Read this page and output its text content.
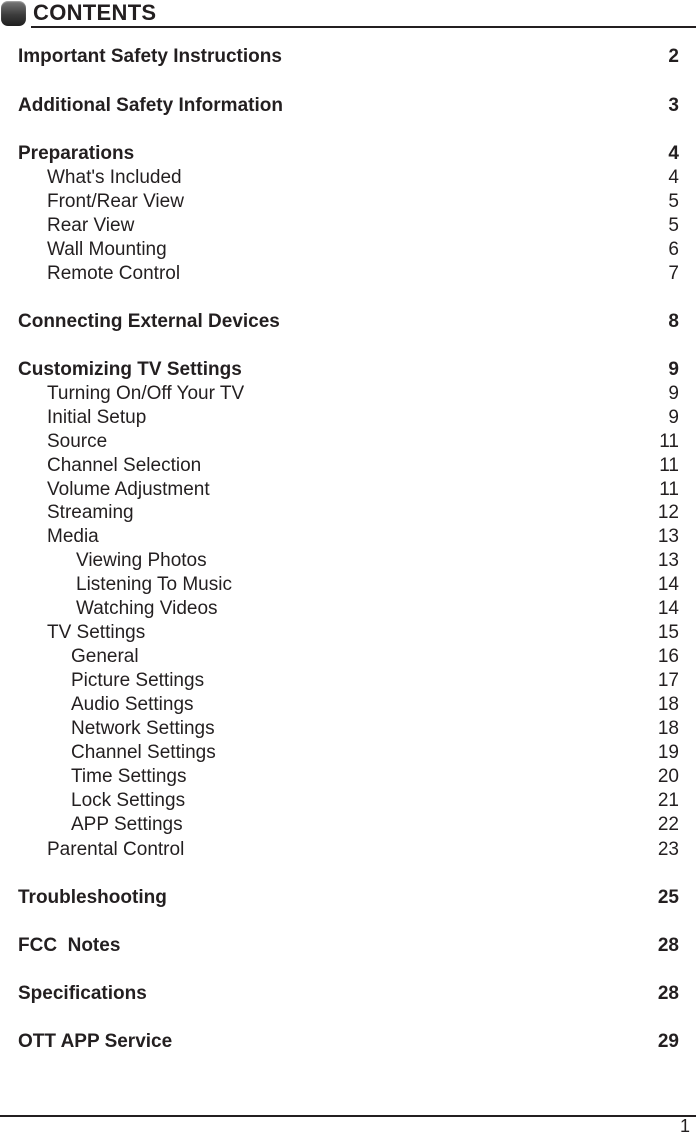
CONTENTS
Important Safety Instructions	2
Additional Safety Information	3
Preparations	4
What's Included	4
Front/Rear View	5
Rear View	5
Wall Mounting	6
Remote Control	7
Connecting External Devices	8
Customizing TV Settings	9
Turning On/Off Your TV	9
Initial Setup	9
Source	11
Channel Selection	11
Volume Adjustment	11
Streaming	12
Media	13
Viewing Photos	13
Listening To Music	14
Watching Videos	14
TV Settings	15
General	16
Picture Settings	17
Audio Settings	18
Network Settings	18
Channel Settings	19
Time Settings	20
Lock Settings	21
APP Settings	22
Parental Control	23
Troubleshooting	25
FCC  Notes	28
Specifications	28
OTT APP Service	29
1
